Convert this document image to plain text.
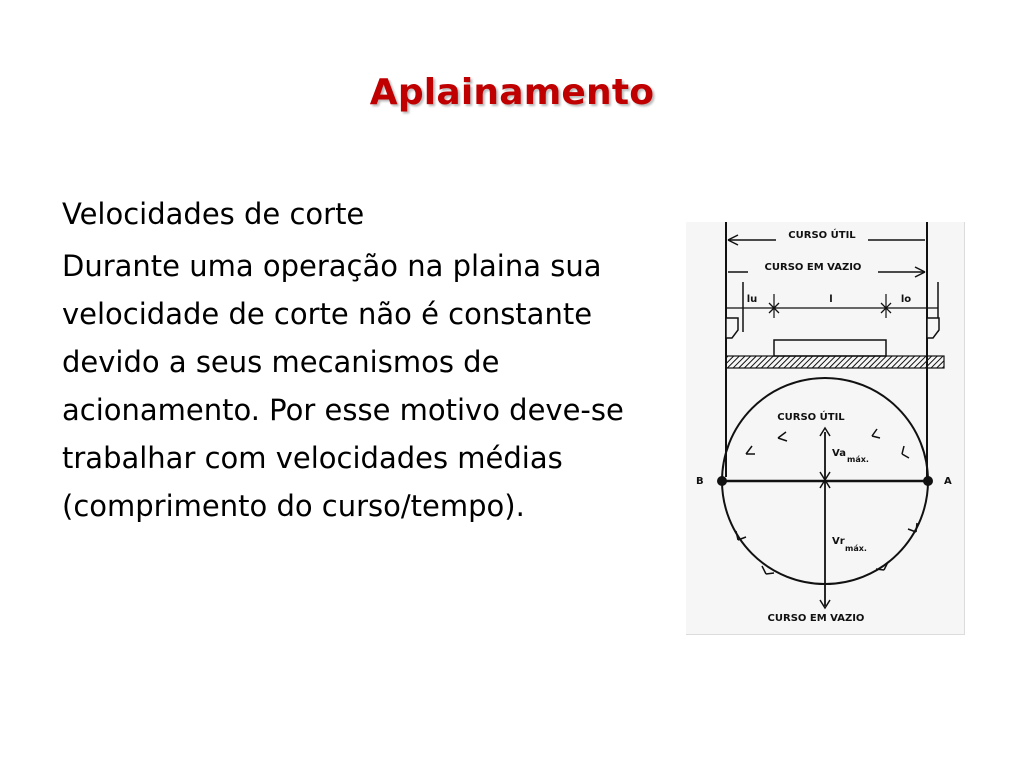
Aplainamento

Velocidades de corte

Durante uma operação na plaina sua velocidade de corte não é constante devido a seus mecanismos de acionamento. Por esse motivo deve-se trabalhar com velocidades médias (comprimento do curso/tempo).

CURSO ÚTIL
CURSO EM VAZIO
lu	l	lo
CURSO ÚTIL
B	A
Va
máx.
Vr
máx.
CURSO EM VAZIO
